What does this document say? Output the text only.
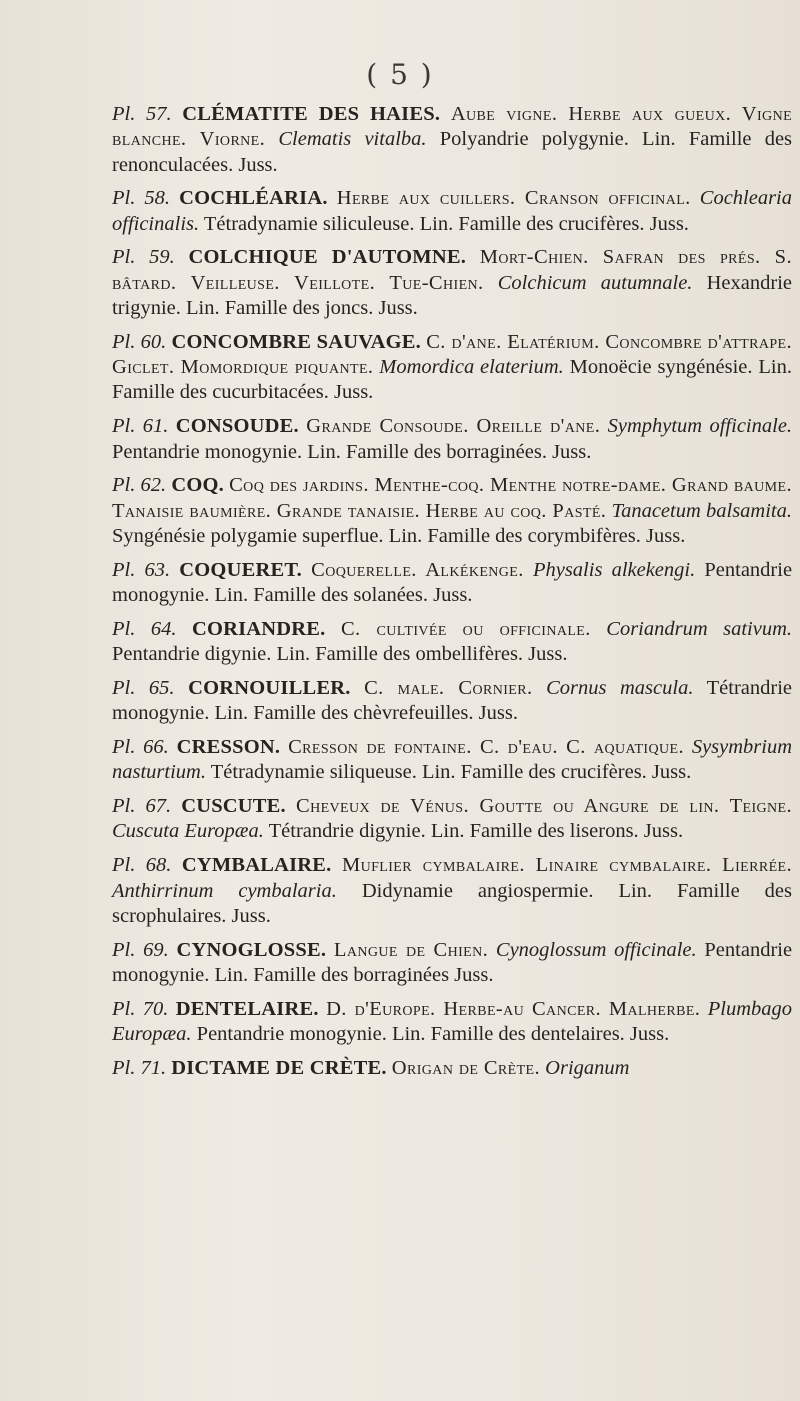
( 5 )

Pl. 57. CLÉMATITE DES HAIES. Aube vigne. Herbe aux gueux. Vigne blanche. Viorne. Clematis vitalba. Polyandrie polygynie. Lin. Famille des renonculacées. Juss.

Pl. 58. COCHLÉARIA. Herbe aux cuillers. Cranson officinal. Cochlearia officinalis. Tétradynamie siliculeuse. Lin. Famille des crucifères. Juss.

Pl. 59. COLCHIQUE D'AUTOMNE. Mort-Chien. Safran des prés. S. bâtard. Veilleuse. Veillote. Tue-Chien. Colchicum autumnale. Hexandrie trigynie. Lin. Famille des joncs. Juss.

Pl. 60. CONCOMBRE SAUVAGE. C. d'ane. Elatérium. Concombre d'attrape. Giclet. Momordique piquante. Momordica elaterium. Monoëcie syngénésie. Lin. Famille des cucurbitacées. Juss.

Pl. 61. CONSOUDE. Grande Consoude. Oreille d'ane. Symphytum officinale. Pentandrie monogynie. Lin. Famille des borraginées. Juss.

Pl. 62. COQ. Coq des jardins. Menthe-coq. Menthe notre-dame. Grand baume. Tanaisie baumière. Grande tanaisie. Herbe au coq. Pasté. Tanacetum balsamita. Syngénésie polygamie superflue. Lin. Famille des corymbifères. Juss.

Pl. 63. COQUERET. Coquerelle. Alkékenge. Physalis alkekengi. Pentandrie monogynie. Lin. Famille des solanées. Juss.

Pl. 64. CORIANDRE. C. cultivée ou officinale. Coriandrum sativum. Pentandrie digynie. Lin. Famille des ombellifères. Juss.

Pl. 65. CORNOUILLER. C. male. Cornier. Cornus mascula. Tétrandrie monogynie. Lin. Famille des chèvrefeuilles. Juss.

Pl. 66. CRESSON. Cresson de fontaine. C. d'eau. C. aquatique. Sysymbrium nasturtium. Tétradynamie siliqueuse. Lin. Famille des crucifères. Juss.

Pl. 67. CUSCUTE. Cheveux de Vénus. Goutte ou Angure de lin. Teigne. Cuscuta Europæa. Tétrandrie digynie. Lin. Famille des liserons. Juss.

Pl. 68. CYMBALAIRE. Muflier cymbalaire. Linaire cymbalaire. Lierrée. Anthirrinum cymbalaria. Didynamie angiospermie. Lin. Famille des scrophulaires. Juss.

Pl. 69. CYNOGLOSSE. Langue de Chien. Cynoglossum officinale. Pentandrie monogynie. Lin. Famille des borraginées Juss.

Pl. 70. DENTELAIRE. D. d'Europe. Herbe-au Cancer. Malherbe. Plumbago Europæa. Pentandrie monogynie. Lin. Famille des dentelaires. Juss.

Pl. 71. DICTAME DE CRÈTE. Origan de Crète. Origanum
